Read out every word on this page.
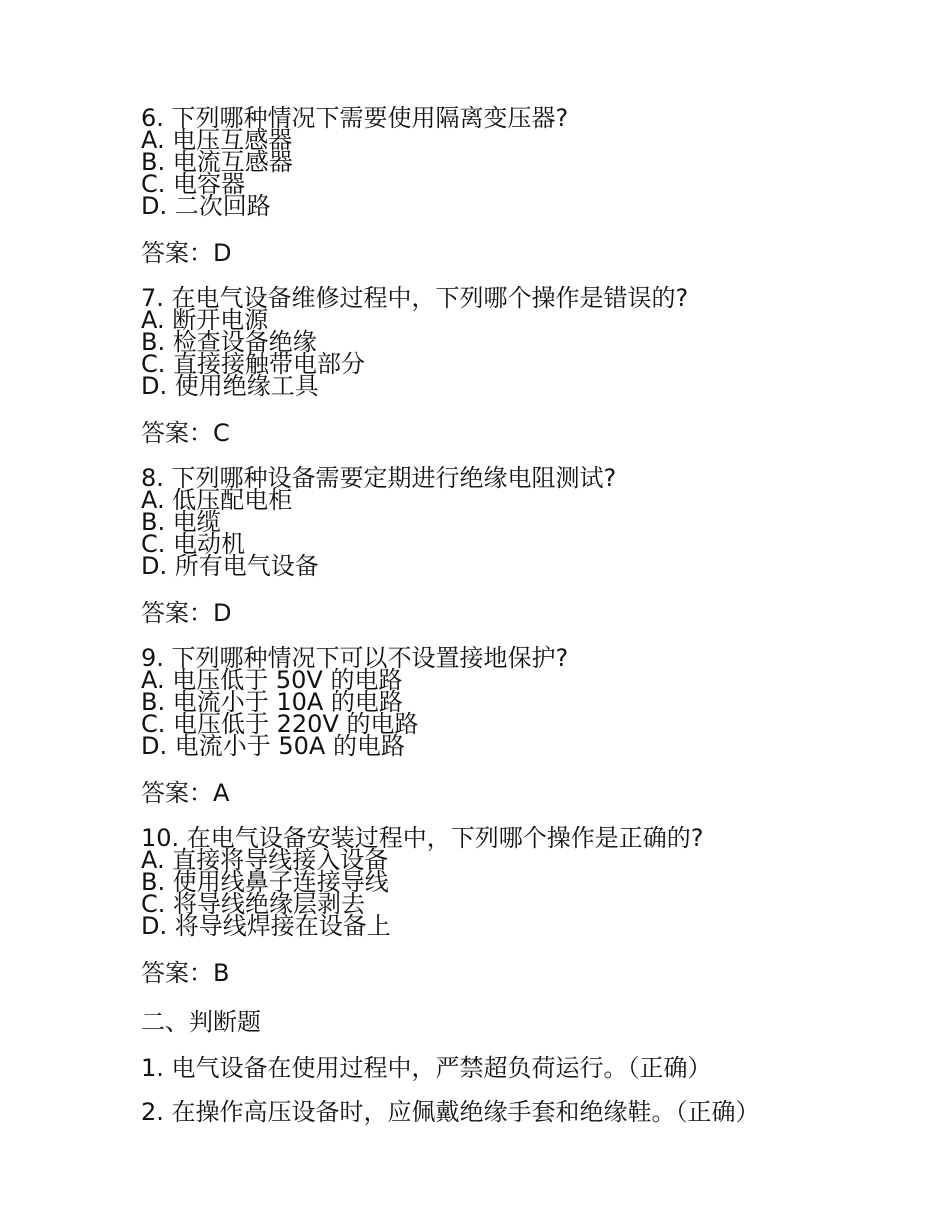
6. 下列哪种情况下需要使用隔离变压器?
A. 电压互感器
B. 电流互感器
C. 电容器
D. 二次回路
答案：D
7. 在电气设备维修过程中，下列哪个操作是错误的?
A. 断开电源
B. 检查设备绝缘
C. 直接接触带电部分
D. 使用绝缘工具
答案：C
8. 下列哪种设备需要定期进行绝缘电阻测试?
A. 低压配电柜
B. 电缆
C. 电动机
D. 所有电气设备
答案：D
9. 下列哪种情况下可以不设置接地保护?
A. 电压低于 50V 的电路
B. 电流小于 10A 的电路
C. 电压低于 220V 的电路
D. 电流小于 50A 的电路
答案：A
10. 在电气设备安装过程中，下列哪个操作是正确的?
A. 直接将导线接入设备
B. 使用线鼻子连接导线
C. 将导线绝缘层剥去
D. 将导线焊接在设备上
答案：B
二、判断题
1. 电气设备在使用过程中，严禁超负荷运行。（正确）
2. 在操作高压设备时，应佩戴绝缘手套和绝缘鞋。（正确）
